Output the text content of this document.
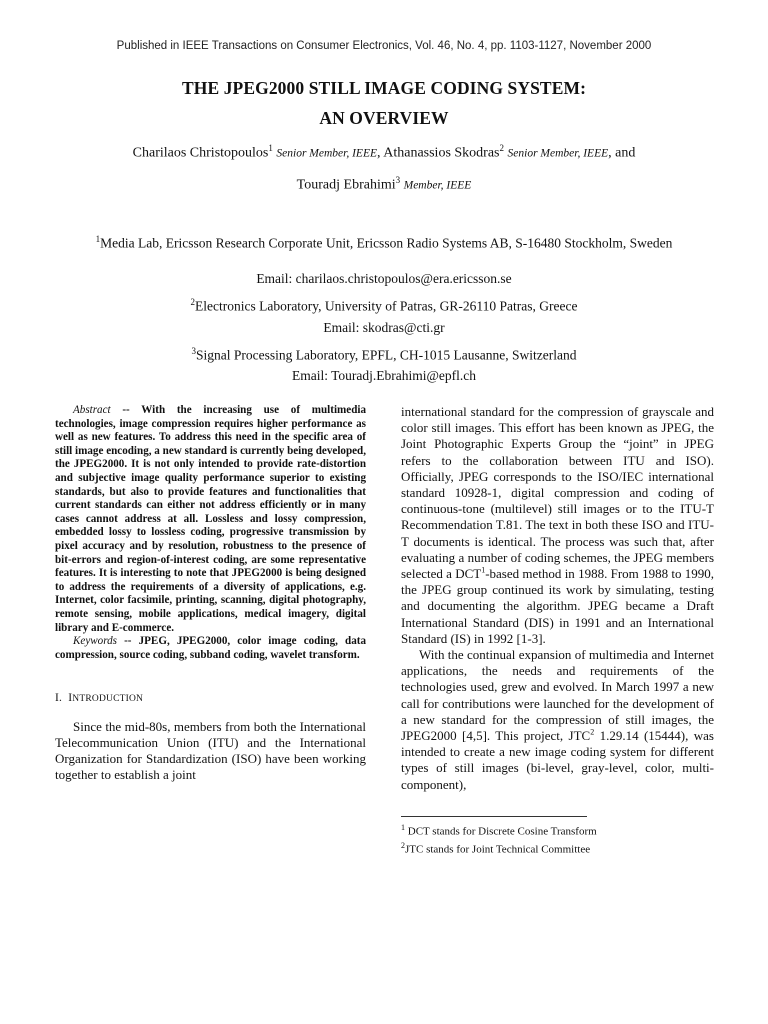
Published in IEEE Transactions on Consumer Electronics, Vol. 46, No. 4, pp. 1103-1127, November 2000
THE JPEG2000 STILL IMAGE CODING SYSTEM:
AN OVERVIEW
Charilaos Christopoulos$^1$ Senior Member, IEEE, Athanassios Skodras$^2$ Senior Member, IEEE, and
Touradj Ebrahimi$^3$ Member, IEEE
$^1$Media Lab, Ericsson Research Corporate Unit, Ericsson Radio Systems AB, S-16480 Stockholm, Sweden
Email: charilaos.christopoulos@era.ericsson.se
$^2$Electronics Laboratory, University of Patras, GR-26110 Patras, Greece
Email: skodras@cti.gr
$^3$Signal Processing Laboratory, EPFL, CH-1015 Lausanne, Switzerland
Email: Touradj.Ebrahimi@epfl.ch

Abstract -- With the increasing use of multimedia technologies, image compression requires higher performance as well as new features. To address this need in the specific area of still image encoding, a new standard is currently being developed, the JPEG2000. It is not only intended to provide rate-distortion and subjective image quality performance superior to existing standards, but also to provide features and functionalities that current standards can either not address efficiently or in many cases cannot address at all. Lossless and lossy compression, embedded lossy to lossless coding, progressive transmission by pixel accuracy and by resolution, robustness to the presence of bit-errors and region-of-interest coding, are some representative features. It is interesting to note that JPEG2000 is being designed to address the requirements of a diversity of applications, e.g. Internet, color facsimile, printing, scanning, digital photography, remote sensing, mobile applications, medical imagery, digital library and E-commerce.

Keywords -- JPEG, JPEG2000, color image coding, data compression, source coding, subband coding, wavelet transform.

I. INTRODUCTION

Since the mid-80s, members from both the International Telecommunication Union (ITU) and the International Organization for Standardization (ISO) have been working together to establish a joint

international standard for the compression of grayscale and color still images. This effort has been known as JPEG, the Joint Photographic Experts Group the “joint” in JPEG refers to the collaboration between ITU and ISO). Officially, JPEG corresponds to the ISO/IEC international standard 10928-1, digital compression and coding of continuous-tone (multilevel) still images or to the ITU-T Recommendation T.81. The text in both these ISO and ITU-T documents is identical. The process was such that, after evaluating a number of coding schemes, the JPEG members selected a DCT$^1$-based method in 1988. From 1988 to 1990, the JPEG group continued its work by simulating, testing and documenting the algorithm. JPEG became a Draft International Standard (DIS) in 1991 and an International Standard (IS) in 1992 [1-3].

With the continual expansion of multimedia and Internet applications, the needs and requirements of the technologies used, grew and evolved. In March 1997 a new call for contributions were launched for the development of a new standard for the compression of still images, the JPEG2000 [4,5]. This project, JTC$^2$ 1.29.14 (15444), was intended to create a new image coding system for different types of still images (bi-level, gray-level, color, multi-component),

$^1$ DCT stands for Discrete Cosine Transform
$^2$JTC stands for Joint Technical Committee
